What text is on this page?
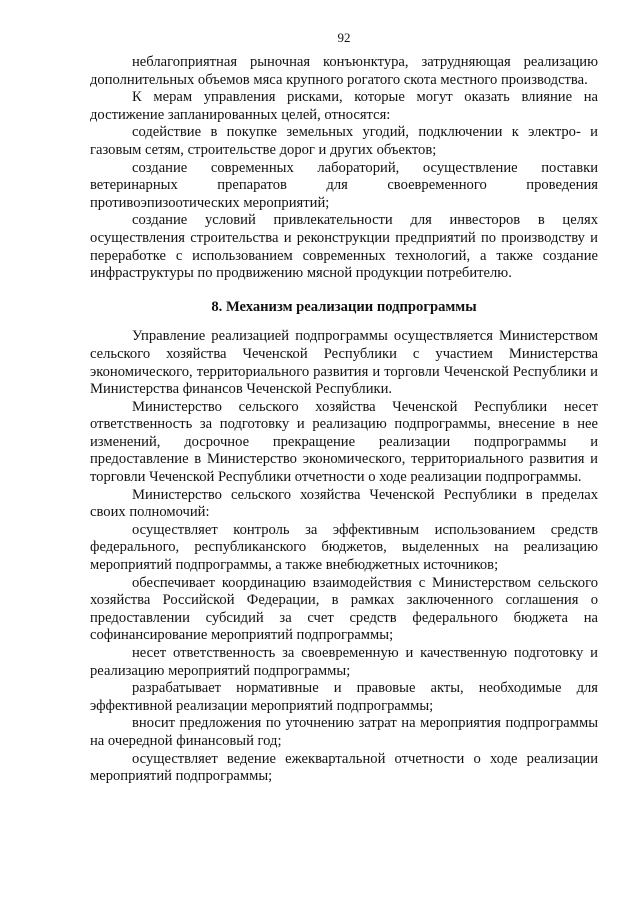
92

неблагоприятная рыночная конъюнктура, затрудняющая реализацию дополнительных объемов мяса крупного рогатого скота местного производства.

К мерам управления рисками, которые могут оказать влияние на достижение запланированных целей, относятся:

содействие в покупке земельных угодий, подключении к электро- и газовым сетям, строительстве дорог и других объектов;

создание современных лабораторий, осуществление поставки ветеринарных препаратов для своевременного проведения противоэпизоотических мероприятий;

создание условий привлекательности для инвесторов в целях осуществления строительства и реконструкции предприятий по производству и переработке с использованием современных технологий, а также создание инфраструктуры по продвижению мясной продукции потребителю.

8. Механизм реализации подпрограммы

Управление реализацией подпрограммы осуществляется Министерством сельского хозяйства Чеченской Республики с участием Министерства экономического, территориального развития и торговли Чеченской Республики и Министерства финансов Чеченской Республики.

Министерство сельского хозяйства Чеченской Республики несет ответственность за подготовку и реализацию подпрограммы, внесение в нее изменений, досрочное прекращение реализации подпрограммы и предоставление в Министерство экономического, территориального развития и торговли Чеченской Республики отчетности о ходе реализации подпрограммы.

Министерство сельского хозяйства Чеченской Республики в пределах своих полномочий:

осуществляет контроль за эффективным использованием средств федерального, республиканского бюджетов, выделенных на реализацию мероприятий подпрограммы, а также внебюджетных источников;

обеспечивает координацию взаимодействия с Министерством сельского хозяйства Российской Федерации, в рамках заключенного соглашения о предоставлении субсидий за счет средств федерального бюджета на софинансирование мероприятий подпрограммы;

несет ответственность за своевременную и качественную подготовку и реализацию мероприятий подпрограммы;

разрабатывает нормативные и правовые акты, необходимые для эффективной реализации мероприятий подпрограммы;

вносит предложения по уточнению затрат на мероприятия подпрограммы на очередной финансовый год;

осуществляет ведение ежеквартальной отчетности о ходе реализации мероприятий подпрограммы;
